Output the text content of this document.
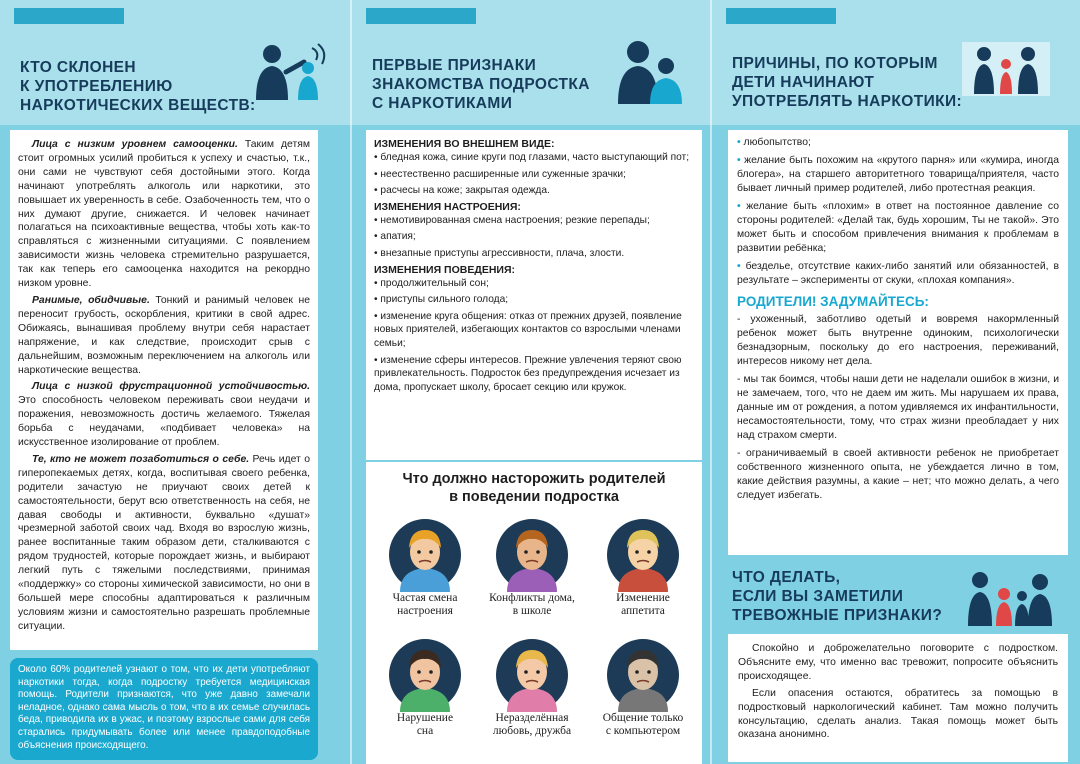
КТО СКЛОНЕН
К УПОТРЕБЛЕНИЮ
НАРКОТИЧЕСКИХ ВЕЩЕСТВ:

Лица с низким уровнем самооценки. Таким детям стоит огромных усилий пробиться к успеху и счастью, т.к., они сами не чувствуют себя достойными этого. Когда начинают употреблять алкоголь или наркотики, это повышает их уверенность в себе. Озабоченность тем, что о них думают другие, снижается. И человек начинает полагаться на психоактивные вещества, чтобы хоть как-то справляться с жизненными ситуациями. С появлением зависимости жизнь человека стремительно разрушается, так как теперь его самооценка находится на рекордно низком уровне.

Ранимые, обидчивые. Тонкий и ранимый человек не переносит грубость, оскорбления, критики в свой адрес. Обижаясь, вынашивая проблему внутри себя нарастает напряжение, и как следствие, происходит срыв с дальнейшим, возможным переключением на алкоголь или наркотические вещества.

Лица с низкой фрустрационной устойчивостью. Это способность человеком переживать свои неудачи и поражения, невозможность достичь желаемого. Тяжелая борьба с неудачами, «подбивает человека» на искусственное изолирование от проблем.

Те, кто не может позаботиться о себе. Речь идет о гиперопекаемых детях, когда, воспитывая своего ребенка, родители зачастую не приучают своих детей к самостоятельности, берут всю ответственность на себя, не давая свободы и активности, буквально «душат» чрезмерной заботой своих чад. Входя во взрослую жизнь, ранее воспитанные таким образом дети, сталкиваются с рядом трудностей, которые порождает жизнь, и выбирают легкий путь с тяжелыми последствиями, принимая «поддержку» со стороны химической зависимости, но они в большей мере способны адаптироваться к различным условиям жизни и самостоятельно разрешать проблемные ситуации.

Около 60% родителей узнают о том, что их дети употребляют наркотики тогда, когда подростку требуется медицинская помощь. Родители признаются, что уже давно замечали неладное, однако сама мысль о том, что в их семье случилась беда, приводила их в ужас, и поэтому взрослые сами для себя старались придумывать более или менее правдоподобные объяснения происходящего.
ПЕРВЫЕ ПРИЗНАКИ
ЗНАКОМСТВА ПОДРОСТКА
С НАРКОТИКАМИ
ИЗМЕНЕНИЯ ВО ВНЕШНЕМ ВИДЕ:
• бледная кожа, синие круги под глазами, часто выступающий пот;
• неестественно расширенные или суженные зрачки;
• расчесы на коже; закрытая одежда.
ИЗМЕНЕНИЯ НАСТРОЕНИЯ:
• немотивированная смена настроения; резкие перепады;
• апатия;
• внезапные приступы агрессивности, плача, злости.
ИЗМЕНЕНИЯ ПОВЕДЕНИЯ:
• продолжительный сон;
• приступы сильного голода;
• изменение круга общения: отказ от прежних друзей, появление новых приятелей, избегающих контактов со взрослыми членами семьи;
• изменение сферы интересов. Прежние увлечения теряют свою привлекательность. Подросток без предупреждения исчезает из дома, пропускает школу, бросает секцию или кружок.
Что должно насторожить родителей
в поведении подростка
Частая смена
настроения
Конфликты дома,
в школе
Изменение
аппетита
Нарушение
сна
Неразделённая
любовь, дружба
Общение только
с компьютером
ПРИЧИНЫ, ПО КОТОРЫМ
ДЕТИ НАЧИНАЮТ
УПОТРЕБЛЯТЬ НАРКОТИКИ:
• любопытство;
• желание быть похожим на «крутого парня» или «кумира, иногда блогера», на старшего авторитетного товарища/приятеля, часто бывает личный пример родителей, либо протестная реакция.
• желание быть «плохим» в ответ на постоянное давление со стороны родителей: «Делай так, будь хорошим, Ты не такой». Это может быть и способом привлечения внимания к проблемам в развитии ребёнка;
• безделье, отсутствие каких-либо занятий или обязанностей, в результате – эксперименты от скуки, «плохая компания».
РОДИТЕЛИ! ЗАДУМАЙТЕСЬ:
- ухоженный, заботливо одетый и вовремя накормленный ребенок может быть внутренне одиноким, психологически безнадзорным, поскольку до его настроения, переживаний, интересов никому нет дела.
- мы так боимся, чтобы наши дети не наделали ошибок в жизни, и не замечаем, того, что не даем им жить. Мы нарушаем их права, данные им от рождения, а потом удивляемся их инфантильности, несамостоятельности, тому, что страх жизни преобладает у них над страхом смерти.
- ограничиваемый в своей активности ребенок не приобретает собственного жизненного опыта, не убеждается лично в том, какие действия разумны, а какие – нет; что можно делать, а чего следует избегать.
ЧТО ДЕЛАТЬ,
ЕСЛИ ВЫ ЗАМЕТИЛИ
ТРЕВОЖНЫЕ ПРИЗНАКИ?

Спокойно и доброжелательно поговорите с подростком. Объясните ему, что именно вас тревожит, попросите объяснить происходящее.

Если опасения остаются, обратитесь за помощью в подростковый наркологический кабинет. Там можно получить консультацию, сделать анализ. Такая помощь может быть оказана анонимно.
